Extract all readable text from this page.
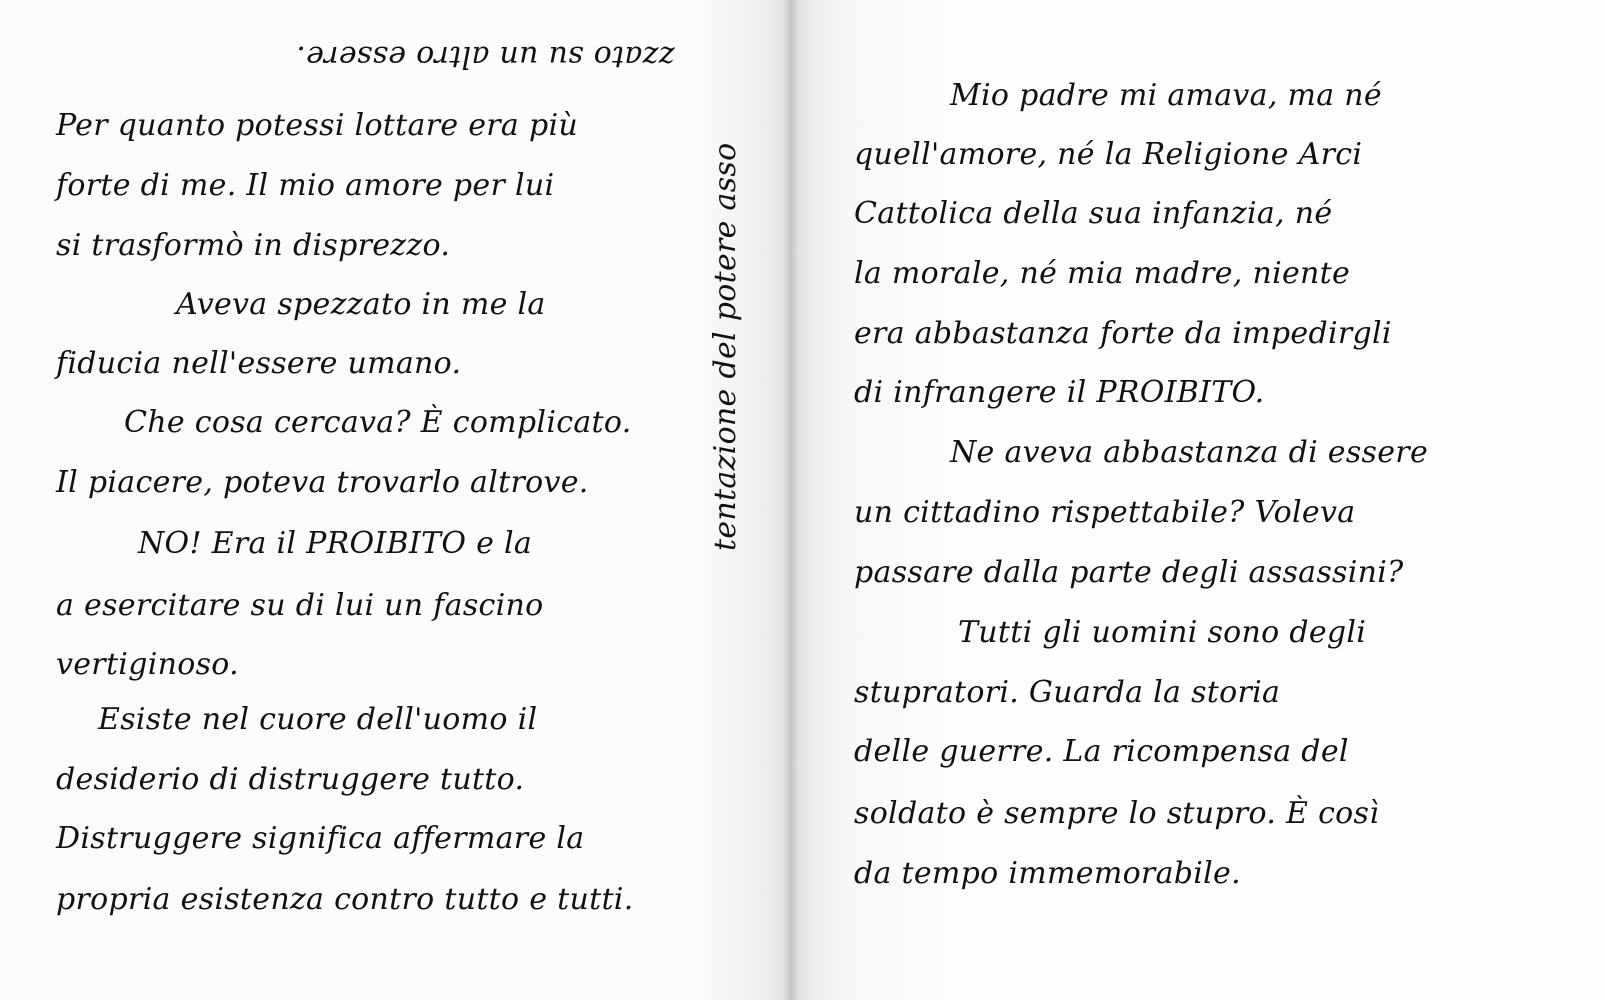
zzato su un altro essere.
tentazione del potere asso
Per quanto potessi lottare era più
forte di me. Il mio amore per lui
si trasformò in disprezzo.
Aveva spezzato in me la
fiducia nell'essere umano.
Che cosa cercava? È complicato.
Il piacere, poteva trovarlo altrove.
NO! Era il PROIBITO e la
a esercitare su di lui un fascino
vertiginoso.
Esiste nel cuore dell'uomo il
desiderio di distruggere tutto.
Distruggere significa affermare la
propria esistenza contro tutto e tutti.
Mio padre mi amava, ma né
quell'amore, né la Religione Arci
Cattolica della sua infanzia, né
la morale, né mia madre, niente
era abbastanza forte da impedirgli
di infrangere il PROIBITO.
Ne aveva abbastanza di essere
un cittadino rispettabile? Voleva
passare dalla parte degli assassini?
Tutti gli uomini sono degli
stupratori. Guarda la storia
delle guerre. La ricompensa del
soldato è sempre lo stupro. È così
da tempo immemorabile.
